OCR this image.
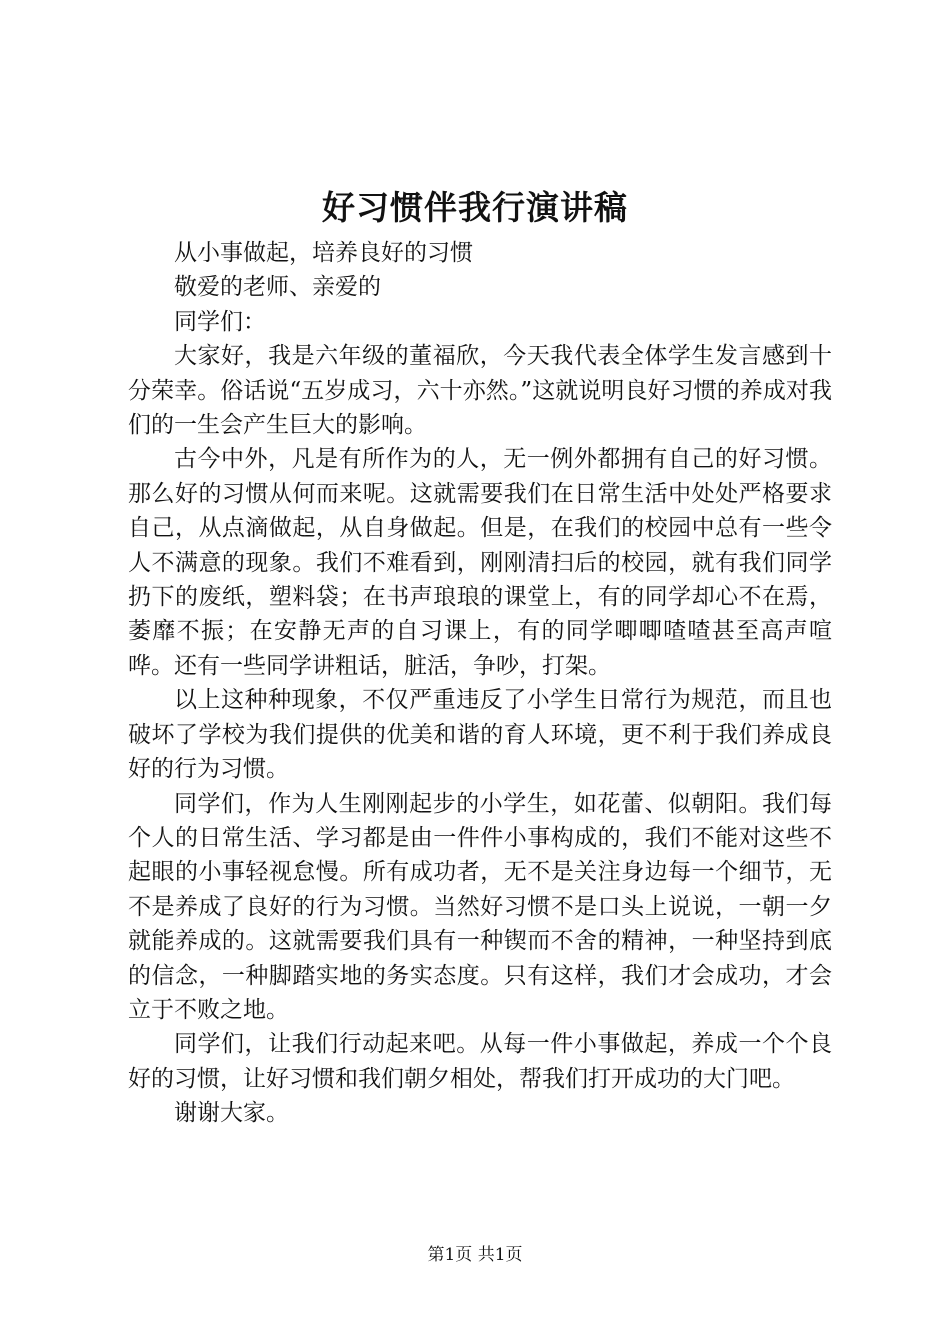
好习惯伴我行演讲稿

从小事做起，培养良好的习惯

敬爱的老师、亲爱的

同学们：

大家好，我是六年级的董福欣，今天我代表全体学生发言感到十分荣幸。俗话说“五岁成习，六十亦然。”这就说明良好习惯的养成对我们的一生会产生巨大的影响。

古今中外，凡是有所作为的人，无一例外都拥有自己的好习惯。那么好的习惯从何而来呢。这就需要我们在日常生活中处处严格要求自己，从点滴做起，从自身做起。但是，在我们的校园中总有一些令人不满意的现象。我们不难看到，刚刚清扫后的校园，就有我们同学扔下的废纸，塑料袋；在书声琅琅的课堂上，有的同学却心不在焉，萎靡不振；在安静无声的自习课上，有的同学唧唧喳喳甚至高声喧哗。还有一些同学讲粗话，脏活，争吵，打架。

以上这种种现象，不仅严重违反了小学生日常行为规范，而且也破坏了学校为我们提供的优美和谐的育人环境，更不利于我们养成良好的行为习惯。

同学们，作为人生刚刚起步的小学生，如花蕾、似朝阳。我们每个人的日常生活、学习都是由一件件小事构成的，我们不能对这些不起眼的小事轻视怠慢。所有成功者，无不是关注身边每一个细节，无不是养成了良好的行为习惯。当然好习惯不是口头上说说，一朝一夕就能养成的。这就需要我们具有一种锲而不舍的精神，一种坚持到底的信念，一种脚踏实地的务实态度。只有这样，我们才会成功，才会立于不败之地。

同学们，让我们行动起来吧。从每一件小事做起，养成一个个良好的习惯，让好习惯和我们朝夕相处，帮我们打开成功的大门吧。

谢谢大家。

第1页 共1页
